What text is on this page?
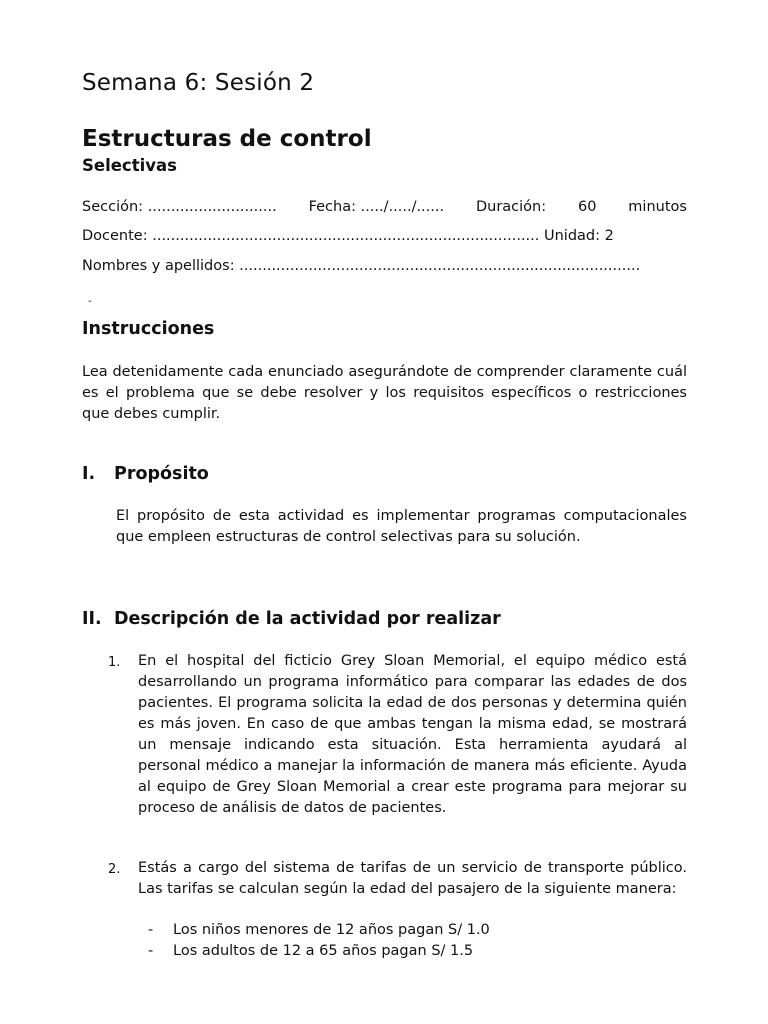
Semana 6: Sesión 2
Estructuras de control
Selectivas
Sección: ............................ Fecha: ...../...../...... Duración: 60 minutos
Docente: .................................................................................... Unidad: 2
Nombres y apellidos: .......................................................................................
-
Instrucciones

Lea detenidamente cada enunciado asegurándote de comprender claramente cuál es el problema que se debe resolver y los requisitos específicos o restricciones que debes cumplir.

I.	Propósito

El propósito de esta actividad es implementar programas computacionales que empleen estructuras de control selectivas para su solución.

II. Descripción de la actividad por realizar
1. En el hospital del ficticio Grey Sloan Memorial, el equipo médico está desarrollando un programa informático para comparar las edades de dos pacientes. El programa solicita la edad de dos personas y determina quién es más joven. En caso de que ambas tengan la misma edad, se mostrará un mensaje indicando esta situación. Esta herramienta ayudará al personal médico a manejar la información de manera más eficiente. Ayuda al equipo de Grey Sloan Memorial a crear este programa para mejorar su proceso de análisis de datos de pacientes.

2. Estás a cargo del sistema de tarifas de un servicio de transporte público. Las tarifas se calculan según la edad del pasajero de la siguiente manera:

-	Los niños menores de 12 años pagan S/ 1.0
-	Los adultos de 12 a 65 años pagan S/ 1.5
